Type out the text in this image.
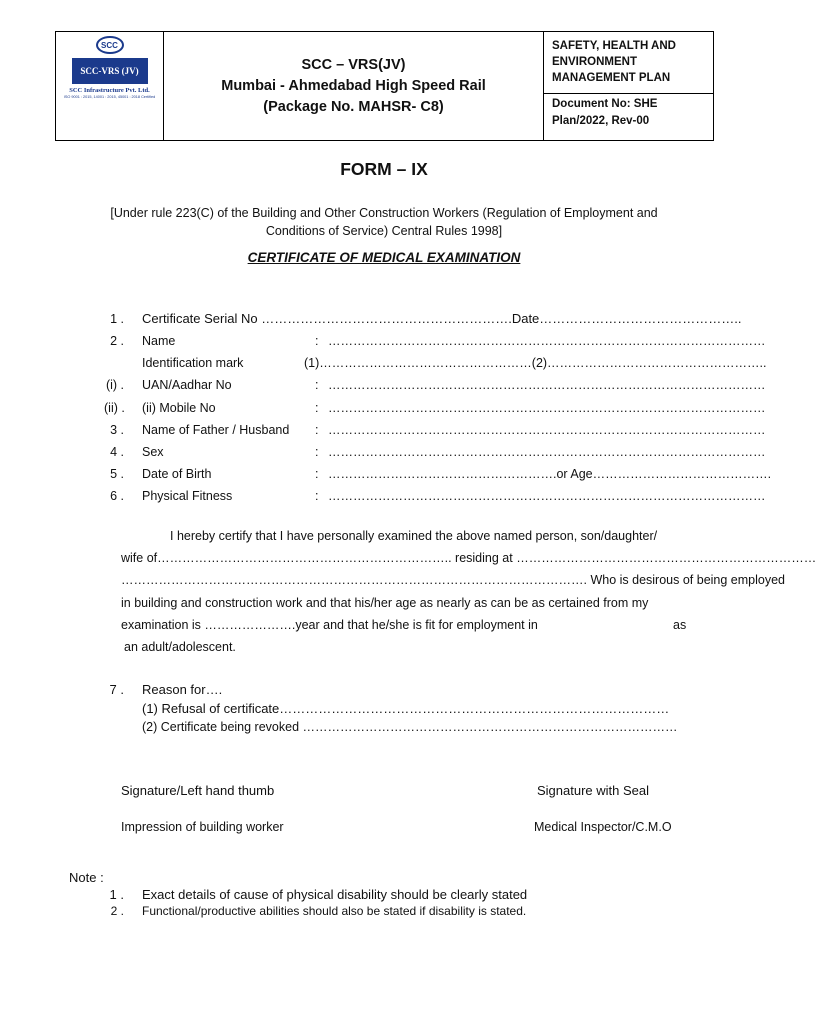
SCC
SCC-VRS (JV)
SCC Infrastructure Pvt. Ltd.
ISO 9001 : 2015, 14001 : 2015, 45001 : 2018 Certified
SCC – VRS(JV)
Mumbai - Ahmedabad High Speed Rail
(Package No. MAHSR- C8)
SAFETY, HEALTH AND ENVIRONMENT MANAGEMENT PLAN
Document No: SHE
Plan/2022, Rev-00
FORM – IX
[Under rule 223(C) of the Building and Other Construction Workers (Regulation of Employment and Conditions of Service) Central Rules 1998]
CERTIFICATE OF MEDICAL EXAMINATION
1 . Certificate Serial No ………………………………………………….Date………………………………………..
2 . Name	: ……………………………………………………………………………………………
Identification mark	(1)……………………………………………(2)……………………………………………..
(i) . UAN/Aadhar No	: ……………………………………………………………………………………………
(ii) . (ii) Mobile No	: ……………………………………………………………………………………………
3 . Name of Father / Husband : ……………………………………………………………………………………………
4 . Sex	: ……………………………………………………………………………………………
5 . Date of Birth	: ……………………………………………….or Age…………………………………….
6 . Physical Fitness	: ……………………………………………………………………………………………
I hereby certify that I have personally examined the above named person, son/daughter/
wife of…………………………………………………………….. residing at ………………………………………………………………
…………………………………………………………………………………………………. Who is desirous of being employed
in building and construction work and that his/her age as nearly as can be as certained from my
examination is ………………….year and that he/she is fit for employment in	as
an adult/adolescent.
7 . Reason for….
(1) Refusal of certificate………………………………………………………………………………
(2) Certificate being revoked ………………………………………………………………………………
Signature/Left hand thumb
Impression of building worker
Signature with Seal
Medical Inspector/C.M.O
Note :
1 . Exact details of cause of physical disability should be clearly stated
2 . Functional/productive abilities should also be stated if disability is stated.
